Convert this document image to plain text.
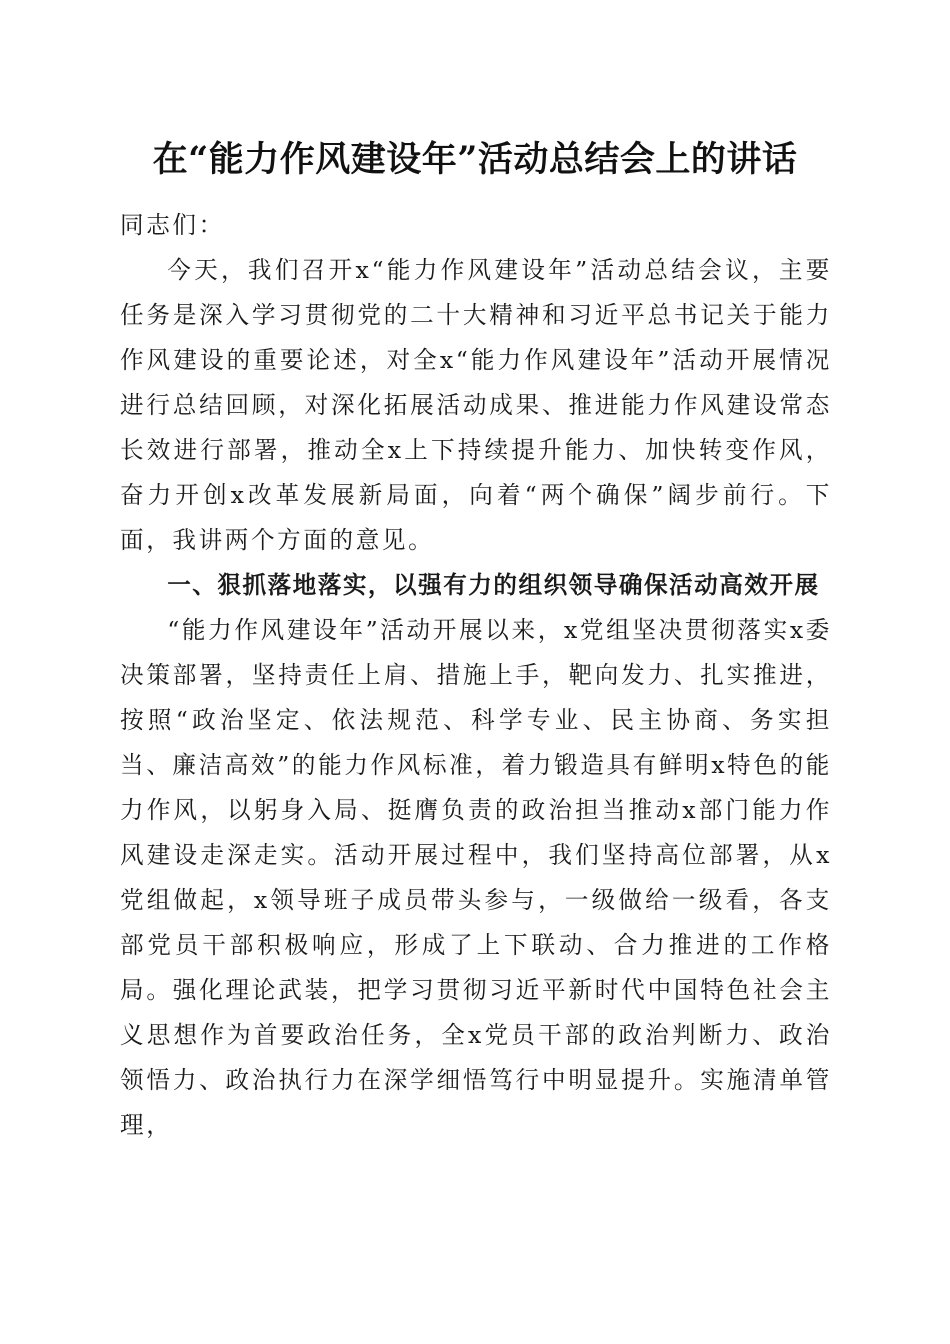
在“能力作风建设年”活动总结会上的讲话

同志们：

今天，我们召开x“能力作风建设年”活动总结会议，主要任务是深入学习贯彻党的二十大精神和习近平总书记关于能力作风建设的重要论述，对全x“能力作风建设年”活动开展情况进行总结回顾，对深化拓展活动成果、推进能力作风建设常态长效进行部署，推动全x上下持续提升能力、加快转变作风，奋力开创x改革发展新局面，向着“两个确保”阔步前行。下面，我讲两个方面的意见。

一、狠抓落地落实，以强有力的组织领导确保活动高效开展

“能力作风建设年”活动开展以来，x党组坚决贯彻落实x委决策部署，坚持责任上肩、措施上手，靶向发力、扎实推进，按照“政治坚定、依法规范、科学专业、民主协商、务实担当、廉洁高效”的能力作风标准，着力锻造具有鲜明x特色的能力作风，以躬身入局、挺膺负责的政治担当推动x部门能力作风建设走深走实。活动开展过程中，我们坚持高位部署，从x党组做起，x领导班子成员带头参与，一级做给一级看，各支部党员干部积极响应，形成了上下联动、合力推进的工作格局。强化理论武装，把学习贯彻习近平新时代中国特色社会主义思想作为首要政治任务，全x党员干部的政治判断力、政治领悟力、政治执行力在深学细悟笃行中明显提升。实施清单管理，
